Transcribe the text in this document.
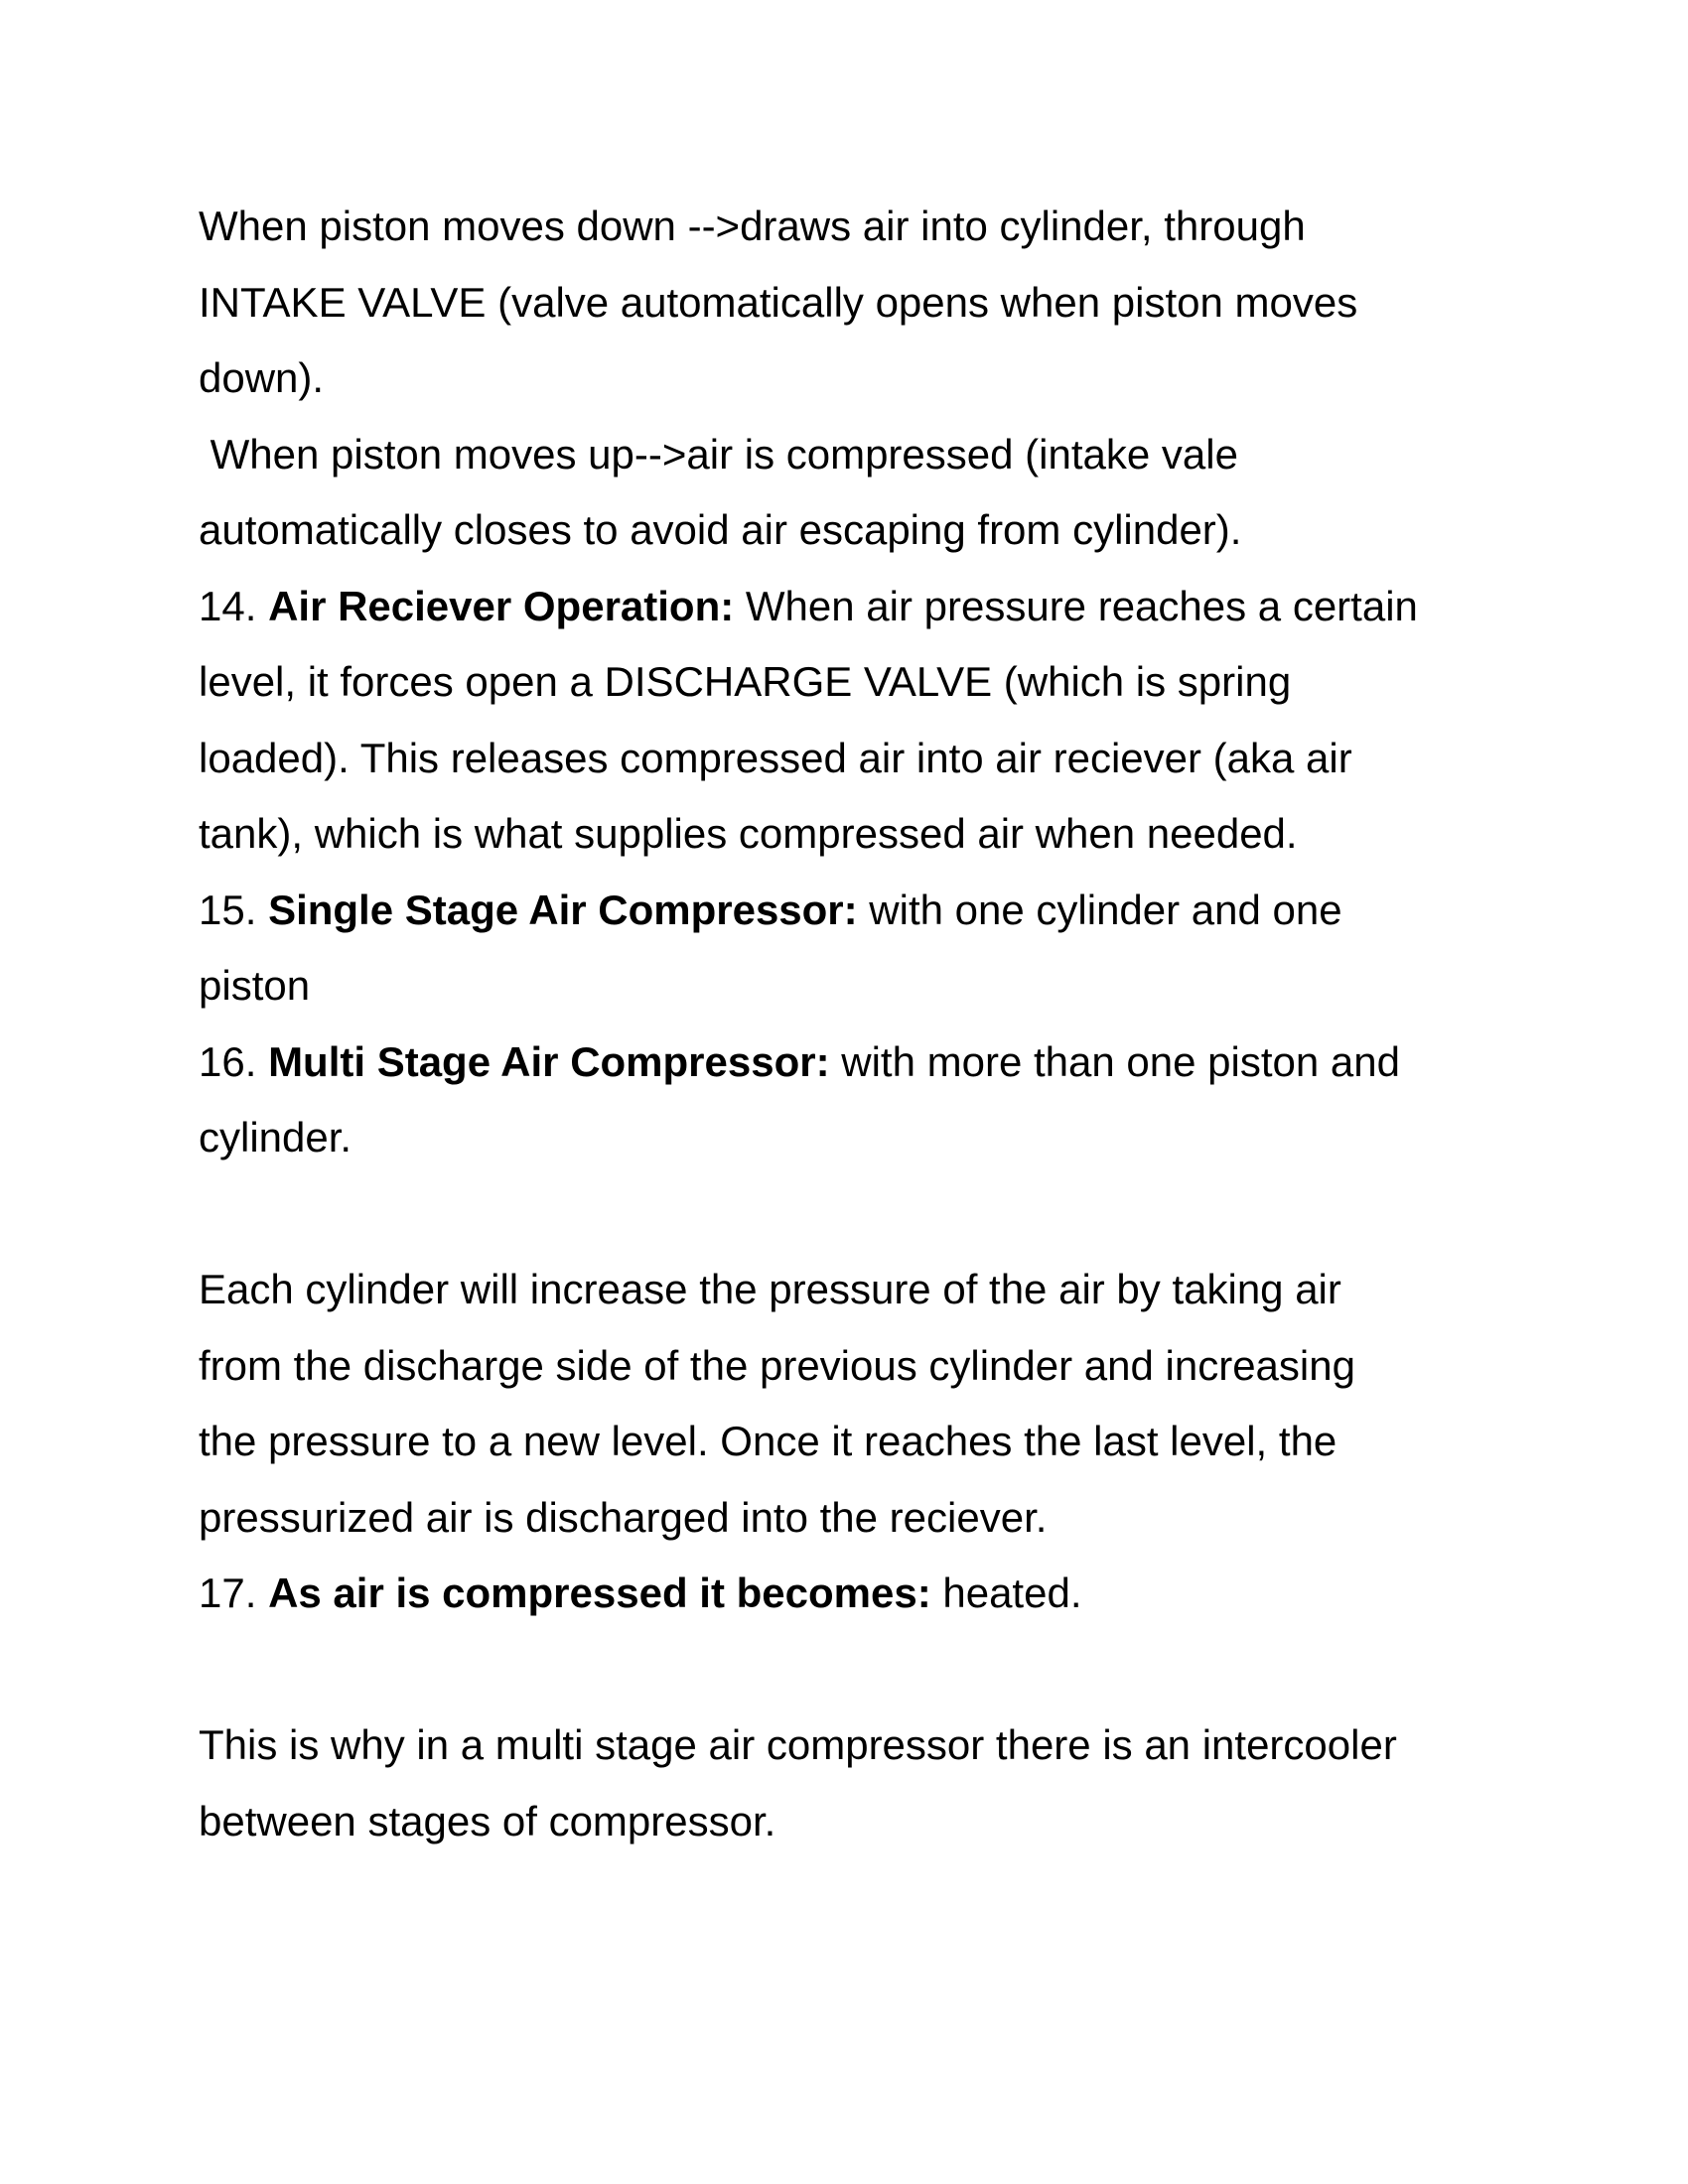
When piston moves down -->draws air into cylinder, through
INTAKE VALVE (valve automatically opens when piston moves
down).
When piston moves up-->air is compressed (intake vale
automatically closes to avoid air escaping from cylinder).
14. Air Reciever Operation: When air pressure reaches a certain
level, it forces open a DISCHARGE VALVE (which is spring
loaded). This releases compressed air into air reciever (aka air
tank), which is what supplies compressed air when needed.
15. Single Stage Air Compressor: with one cylinder and one
piston
16. Multi Stage Air Compressor: with more than one piston and
cylinder.
Each cylinder will increase the pressure of the air by taking air
from the discharge side of the previous cylinder and increasing
the pressure to a new level. Once it reaches the last level, the
pressurized air is discharged into the reciever.
17. As air is compressed it becomes: heated.
This is why in a multi stage air compressor there is an intercooler
between stages of compressor.
